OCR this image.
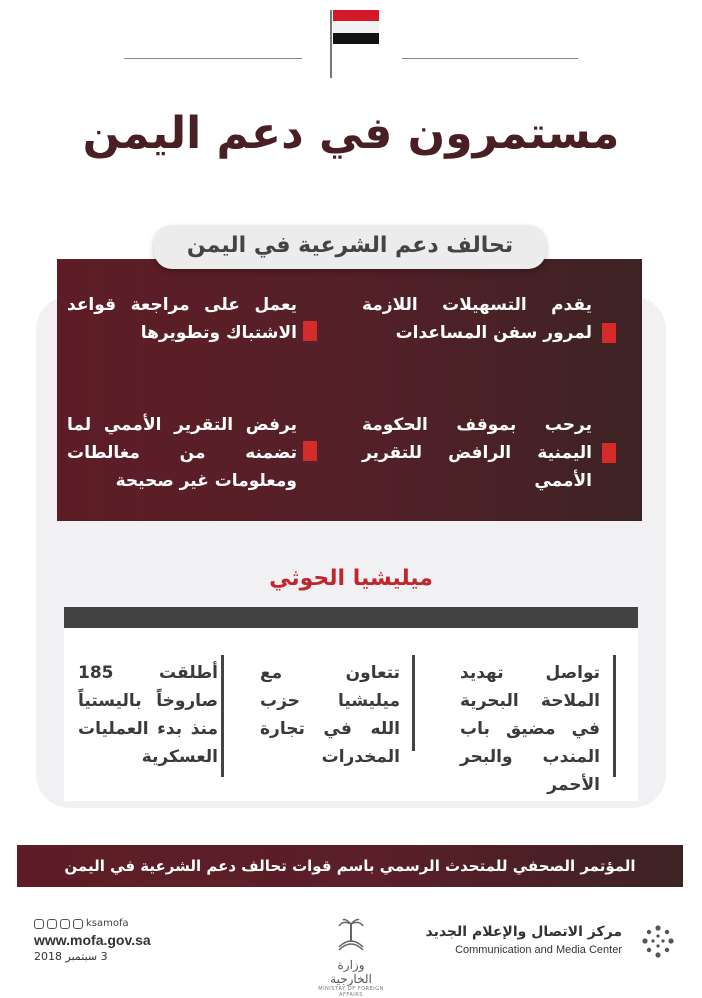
مستمرون في دعم اليمن
يقدم التسهيلات اللازمة لمرور سفن المساعدات
يعمل على مراجعة قواعد الاشتباك وتطويرها
يرحب بموقف الحكومة اليمنية الرافض للتقرير الأممي
يرفض التقرير الأممي لما تضمنه من مغالطات ومعلومات غير صحيحة
تحالف دعم الشرعية في اليمن
ميليشيا الحوثي
تواصل تهديد الملاحة البحرية في مضيق باب المندب والبحر الأحمر
تتعاون مع ميليشيا حزب الله في تجارة المخدرات
أطلقت 185 صاروخاً باليستياً منذ بدء العمليات العسكرية
المؤتمر الصحفي للمتحدث الرسمي باسم قوات تحالف دعم الشرعية في اليمن
ksamofa
www.mofa.gov.sa
3 سبتمبر 2018
وزارة الخارجية
MINISTRY OF FOREIGN AFFAIRS
مركز الاتصال والإعلام الجديد
Communication and Media Center
